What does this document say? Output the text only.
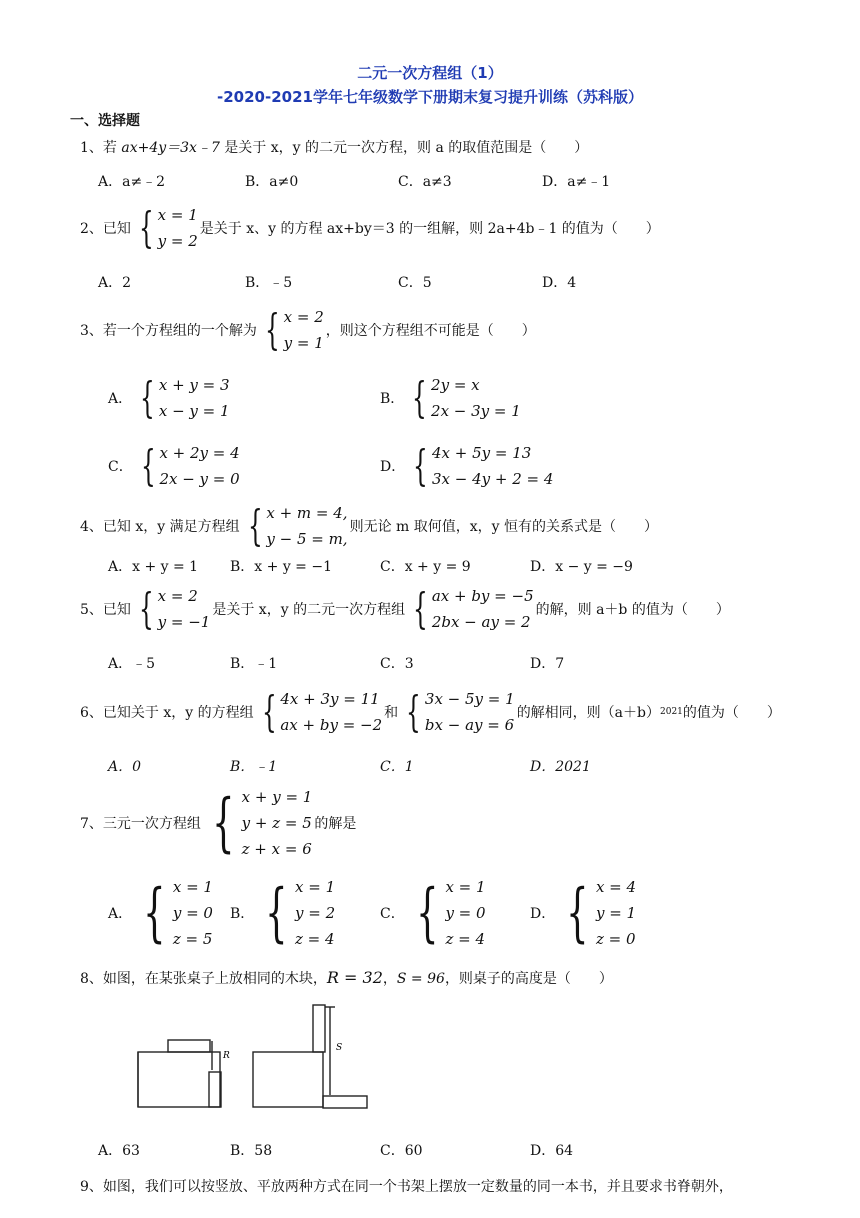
二元一次方程组（1）
-2020-2021学年七年级数学下册期末复习提升训练（苏科版）
一、选择题
1、若 ax+4y＝3x﹣7 是关于 x，y 的二元一次方程，则 a 的取值范围是（　　）
A．a≠﹣2	B．a≠0	C．a≠3	D．a≠﹣1
2、已知 { x = 1
y = 2
是关于 x、y 的方程 ax+by＝3 的一组解，则 2a+4b﹣1 的值为（　　）
A．2	B．﹣5	C．5	D．4
3、若一个方程组的一个解为 { x = 2
y = 1
，则这个方程组不可能是（　　）
A． { x + y = 3
x − y = 1
B． { 2y = x
2x − 3y = 1
C． { x + 2y = 4
2x − y = 0
D． { 4x + 5y = 13
3x − 4y + 2 = 4
4、已知 x，y 满足方程组 { x + m = 4,
y − 5 = m,
则无论 m 取何值，x，y 恒有的关系式是（　　）
A．x + y = 1 B．x + y = −1	C．x + y = 9	D．x − y = −9
5、已知 { x = 2
y = −1
是关于 x，y 的二元一次方程组 { ax + by = −5
2bx − ay = 2
的解，则 a＋b 的值为（　　）
A．﹣5	B．﹣1	C．3	D．7
6、已知关于 x，y 的方程组 { 4x + 3y = 11
ax + by = −2
和 { 3x − 5y = 1
bx − ay = 6
的解相同，则（a＋b） 2021 的值为（　　）
A．0	B．﹣1	C．1	D．2021
7、三元一次方程组 { x + y = 1
y + z = 5
z + x = 6
的解是
A． { x = 1
y = 0
z = 5
B． { x = 1
y = 2
z = 4
C． { x = 1
y = 0
z = 4
D． { x = 4
y = 1
z = 0
8、如图，在某张桌子上放相同的木块，R = 32，S = 96，则桌子的高度是（　　）
R
S
A．63	B．58	C．60	D．64
9、如图，我们可以按竖放、平放两种方式在同一个书架上摆放一定数量的同一本书，并且要求书脊朝外，
